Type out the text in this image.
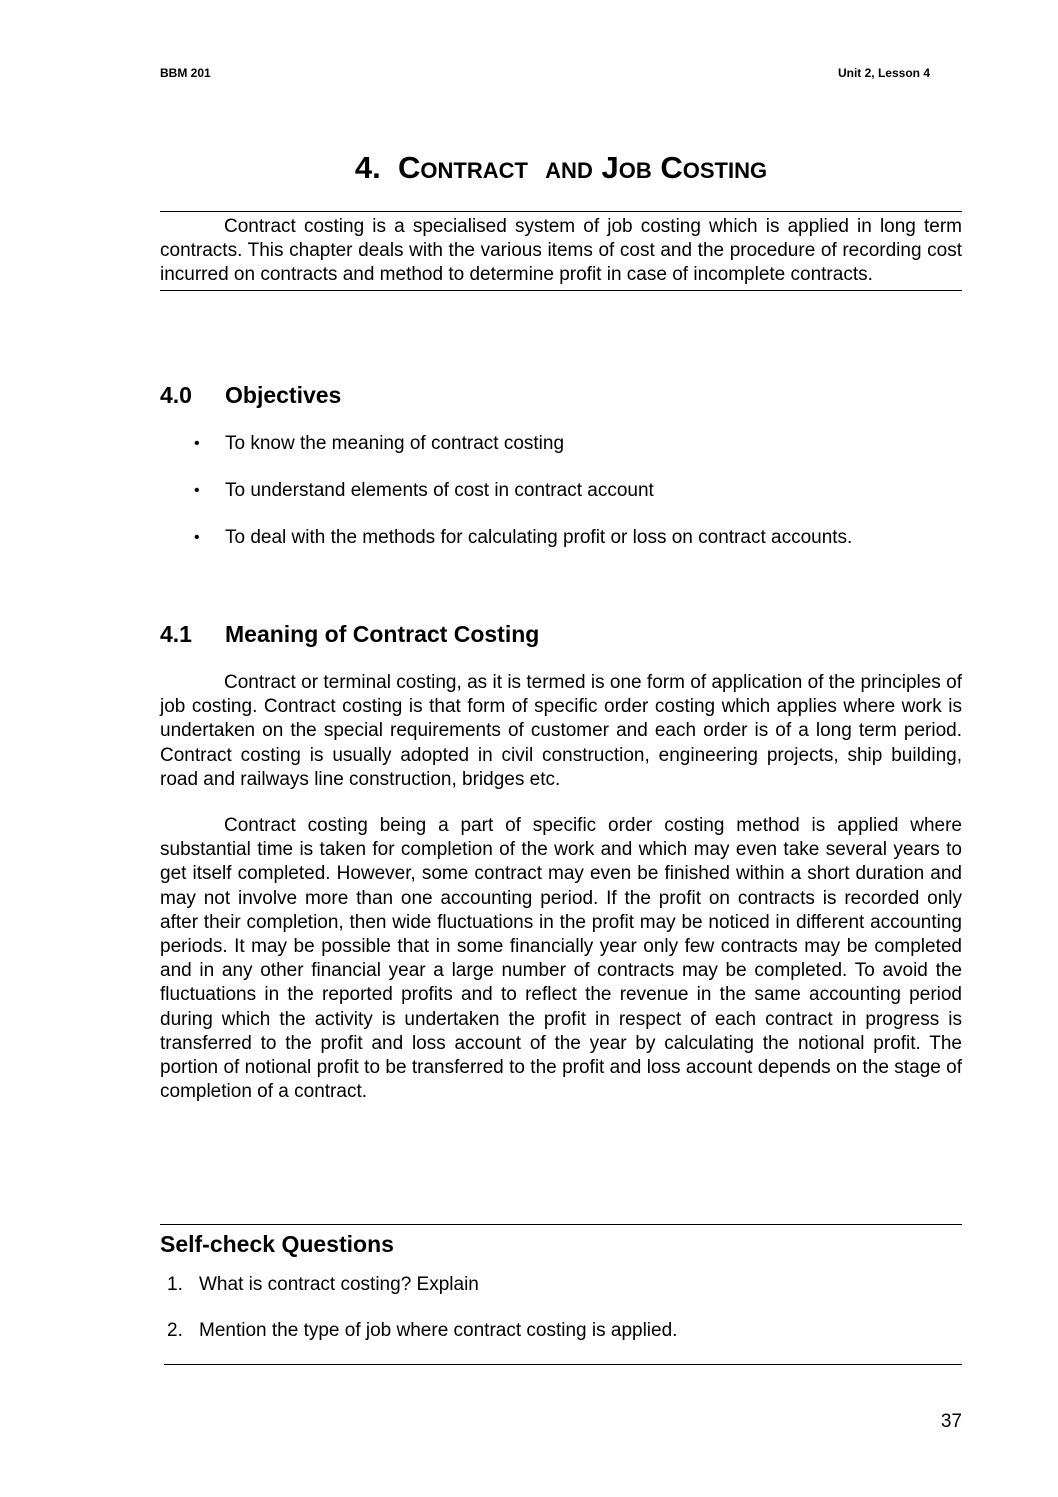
BBM 201	Unit 2, Lesson 4
4. Contract and Job Costing

Contract costing is a specialised system of job costing which is applied in long term contracts. This chapter deals with the various items of cost and the procedure of recording cost incurred on contracts and method to determine profit in case of incomplete contracts.

4.0 Objectives
• To know the meaning of contract costing
• To understand elements of cost in contract account
• To deal with the methods for calculating profit or loss on contract accounts.
4.1 Meaning of Contract Costing

Contract or terminal costing, as it is termed is one form of application of the principles of job costing. Contract costing is that form of specific order costing which applies where work is undertaken on the special requirements of customer and each order is of a long term period. Contract costing is usually adopted in civil construction, engineering projects, ship building, road and railways line construction, bridges etc.

Contract costing being a part of specific order costing method is applied where substantial time is taken for completion of the work and which may even take several years to get itself completed. However, some contract may even be finished within a short duration and may not involve more than one accounting period. If the profit on contracts is recorded only after their completion, then wide fluctuations in the profit may be noticed in different accounting periods. It may be possible that in some financially year only few contracts may be completed and in any other financial year a large number of contracts may be completed. To avoid the fluctuations in the reported profits and to reflect the revenue in the same accounting period during which the activity is undertaken the profit in respect of each contract in progress is transferred to the profit and loss account of the year by calculating the notional profit. The portion of notional profit to be transferred to the profit and loss account depends on the stage of completion of a contract.

Self-check Questions
1. What is contract costing? Explain
2. Mention the type of job where contract costing is applied.
37
